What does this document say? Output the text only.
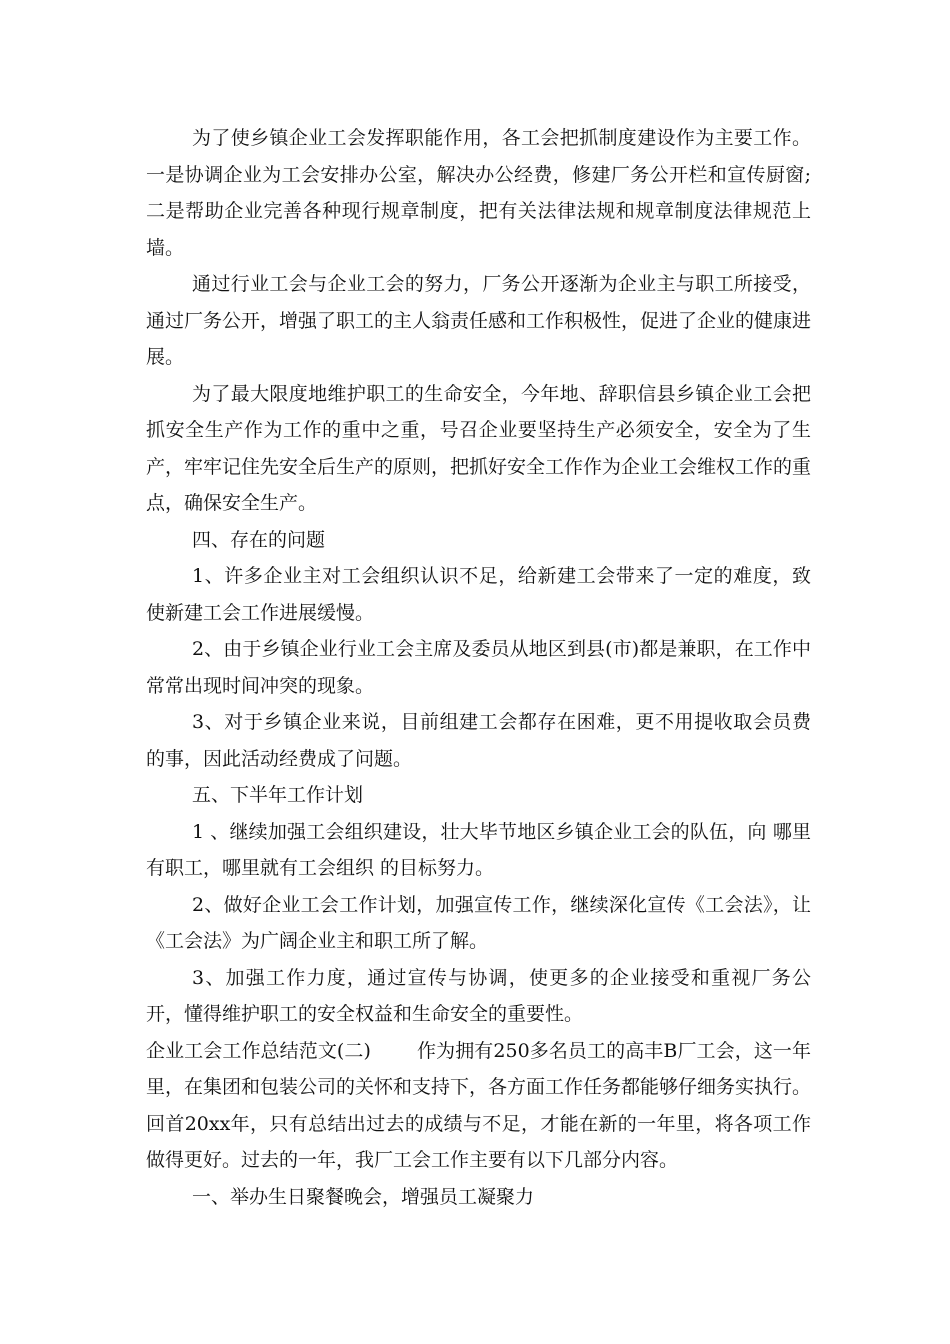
为了使乡镇企业工会发挥职能作用，各工会把抓制度建设作为主要工作。一是协调企业为工会安排办公室，解决办公经费，修建厂务公开栏和宣传厨窗;二是帮助企业完善各种现行规章制度，把有关法律法规和规章制度法律规范上墙。

通过行业工会与企业工会的努力，厂务公开逐渐为企业主与职工所接受，通过厂务公开，增强了职工的主人翁责任感和工作积极性，促进了企业的健康进展。

为了最大限度地维护职工的生命安全，今年地、辞职信县乡镇企业工会把抓安全生产作为工作的重中之重，号召企业要坚持生产必须安全，安全为了生产，牢牢记住先安全后生产的原则，把抓好安全工作作为企业工会维权工作的重点，确保安全生产。

四、存在的问题

1、许多企业主对工会组织认识不足，给新建工会带来了一定的难度，致使新建工会工作进展缓慢。

2、由于乡镇企业行业工会主席及委员从地区到县(市)都是兼职，在工作中常常出现时间冲突的现象。

3、对于乡镇企业来说，目前组建工会都存在困难，更不用提收取会员费的事，因此活动经费成了问题。

五、下半年工作计划

1 、继续加强工会组织建设，壮大毕节地区乡镇企业工会的队伍，向 哪里有职工，哪里就有工会组织 的目标努力。

2、做好企业工会工作计划，加强宣传工作，继续深化宣传《工会法》，让《工会法》为广阔企业主和职工所了解。

3、加强工作力度，通过宣传与协调，使更多的企业接受和重视厂务公开，懂得维护职工的安全权益和生命安全的重要性。

企业工会工作总结范文(二) 作为拥有250多名员工的高丰B厂工会，这一年里，在集团和包装公司的关怀和支持下，各方面工作任务都能够仔细务实执行。回首20xx年，只有总结出过去的成绩与不足，才能在新的一年里，将各项工作做得更好。过去的一年，我厂工会工作主要有以下几部分内容。

一、举办生日聚餐晚会，增强员工凝聚力
